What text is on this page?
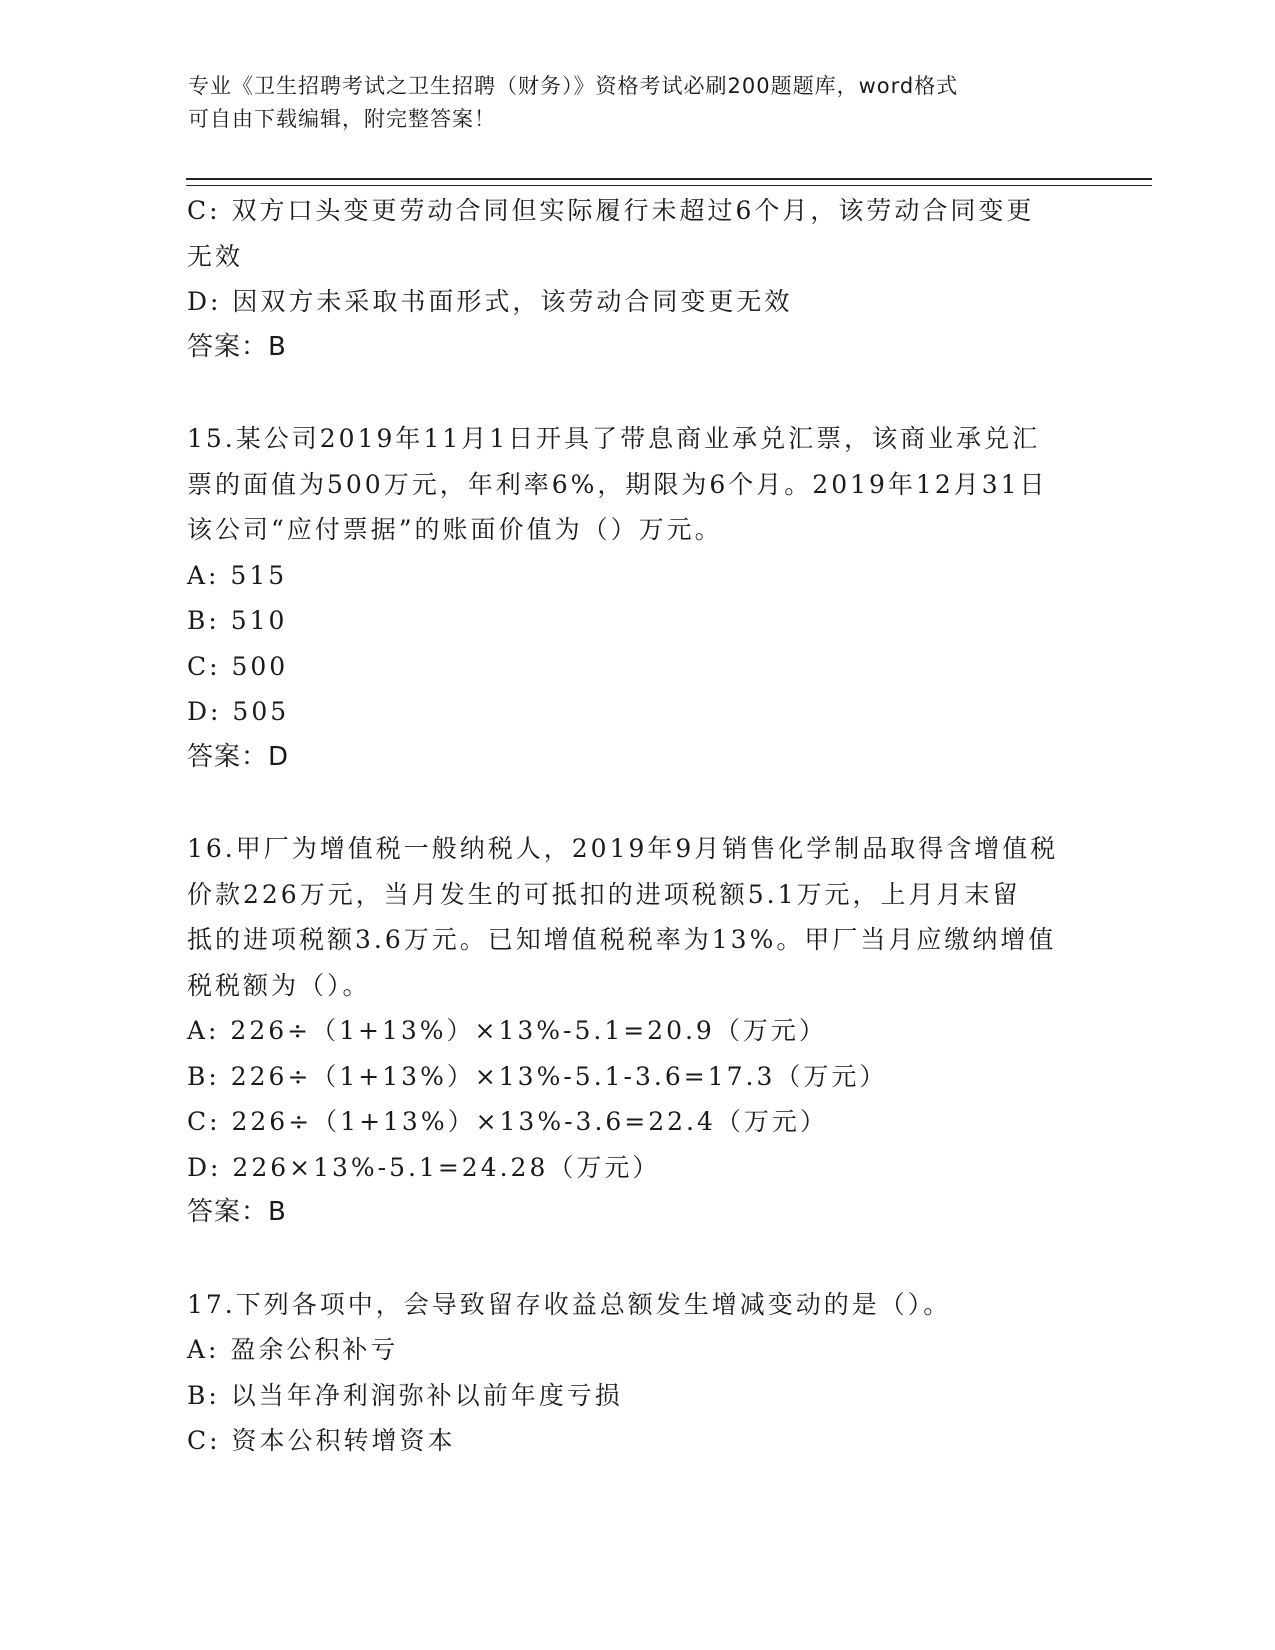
专业《卫生招聘考试之卫生招聘（财务）》资格考试必刷200题题库，word格式
可自由下载编辑，附完整答案！
C: 双方口头变更劳动合同但实际履行未超过6个月，该劳动合同变更
无效
D: 因双方未采取书面形式，该劳动合同变更无效
答案：B
15.某公司2019年11月1日开具了带息商业承兑汇票，该商业承兑汇
票的面值为500万元，年利率6%，期限为6个月。2019年12月31日
该公司“应付票据”的账面价值为（）万元。
A: 515
B: 510
C: 500
D: 505
答案：D
16.甲厂为增值税一般纳税人，2019年9月销售化学制品取得含增值税
价款226万元，当月发生的可抵扣的进项税额5.1万元，上月月末留
抵的进项税额3.6万元。已知增值税税率为13%。甲厂当月应缴纳增值
税税额为（）。
A: 226÷（1+13%）×13%-5.1=20.9（万元）
B: 226÷（1+13%）×13%-5.1-3.6=17.3（万元）
C: 226÷（1+13%）×13%-3.6=22.4（万元）
D: 226×13%-5.1=24.28（万元）
答案：B
17.下列各项中，会导致留存收益总额发生增减变动的是（）。
A: 盈余公积补亏
B: 以当年净利润弥补以前年度亏损
C: 资本公积转增资本
